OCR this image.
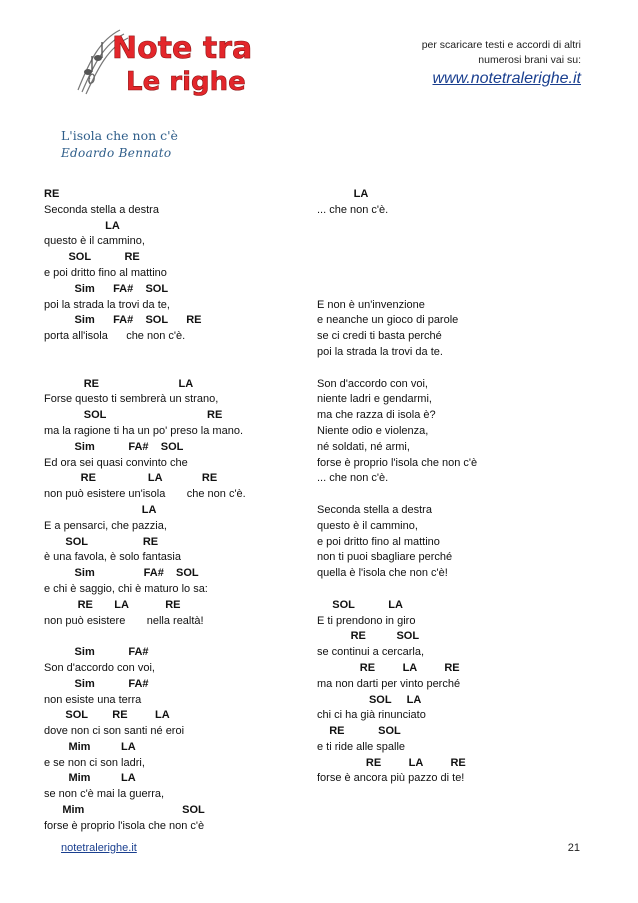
Note tra
Le righe
per scaricare testi e accordi di altri
numerosi brani vai su:
www.notetralerighe.it
L'isola che non c'è
Edoardo Bennato
RE
Seconda stella a destra
LA
questo è il cammino,
SOL           RE
e poi dritto fino al mattino
Sim      FA#    SOL
poi la strada la trovi da te,
Sim      FA#    SOL      RE
porta all'isola      che non c'è.
RE                          LA
Forse questo ti sembrerà un strano,
SOL                                 RE
ma la ragione ti ha un po' preso la mano.
Sim           FA#    SOL
Ed ora sei quasi convinto che
RE                 LA             RE
non può esistere un'isola       che non c'è.
LA
E a pensarci, che pazzia,
SOL                  RE
è una favola, è solo fantasia
Sim                FA#    SOL
e chi è saggio, chi è maturo lo sa:
RE       LA            RE
non può esistere       nella realtà!
Sim           FA#
Son d'accordo con voi,
Sim           FA#
non esiste una terra
SOL        RE         LA
dove non ci son santi né eroi
Mim          LA
e se non ci son ladri,
Mim          LA
se non c'è mai la guerra,
Mim                                SOL
forse è proprio l'isola che non c'è
LA
... che non c'è.
E non è un'invenzione
e neanche un gioco di parole
se ci credi ti basta perché
poi la strada la trovi da te.
Son d'accordo con voi,
niente ladri e gendarmi,
ma che razza di isola è?
Niente odio e violenza,
né soldati, né armi,
forse è proprio l'isola che non c'è
... che non c'è.
Seconda stella a destra
questo è il cammino,
e poi dritto fino al mattino
non ti puoi sbagliare perché
quella è l'isola che non c'è!
SOL           LA
E ti prendono in giro
RE          SOL
se continui a cercarla,
RE         LA         RE
ma non darti per vinto perché
SOL     LA
chi ci ha già rinunciato
RE           SOL
e ti ride alle spalle
RE         LA         RE
forse è ancora più pazzo di te!
notetralerighe.it	21
